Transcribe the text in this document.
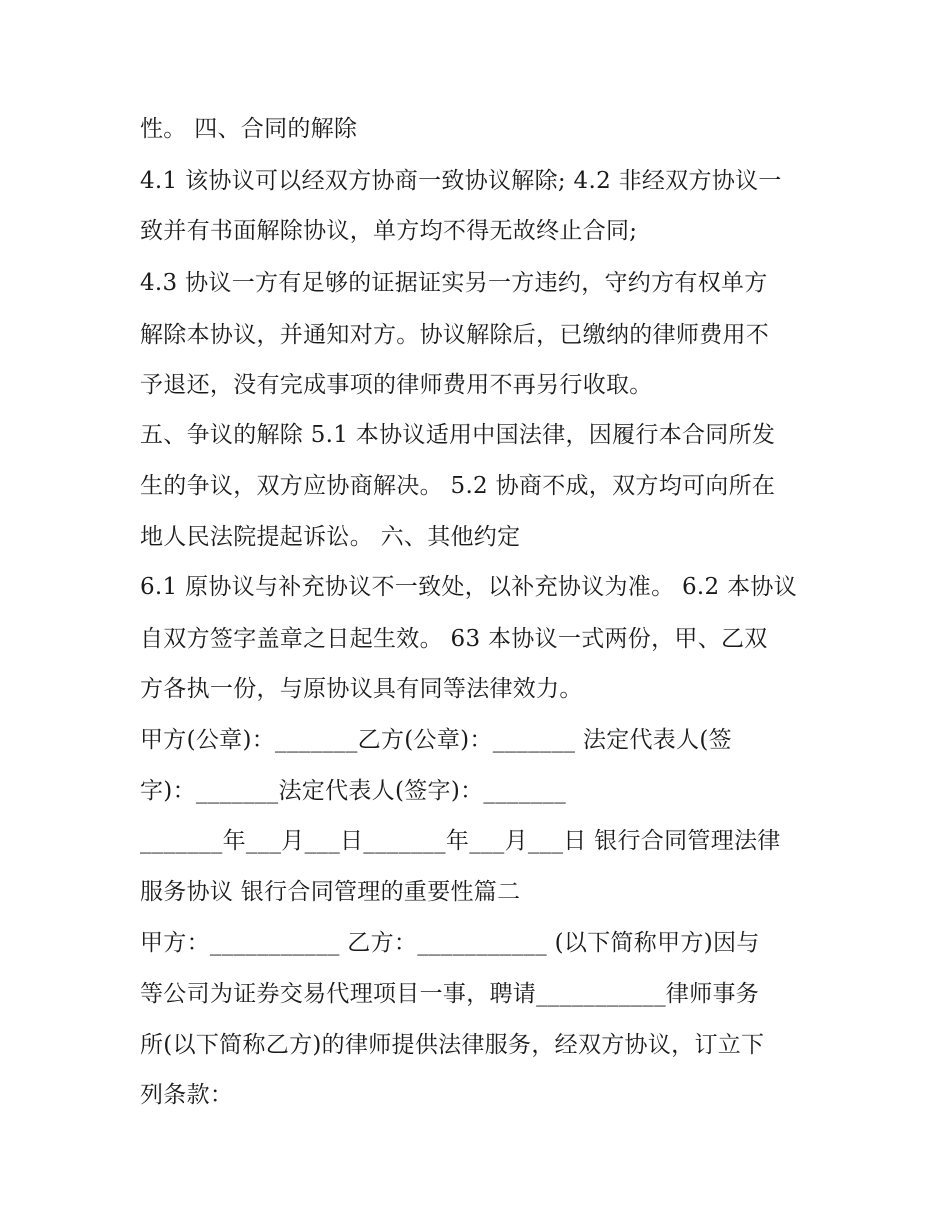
性。 四、合同的解除

4.1 该协议可以经双方协商一致协议解除; 4.2 非经双方协议一

致并有书面解除协议，单方均不得无故终止合同;

4.3 协议一方有足够的证据证实另一方违约，守约方有权单方

解除本协议，并通知对方。协议解除后，已缴纳的律师费用不

予退还，没有完成事项的律师费用不再另行收取。

五、争议的解除 5.1 本协议适用中国法律，因履行本合同所发

生的争议，双方应协商解决。 5.2 协商不成，双方均可向所在

地人民法院提起诉讼。 六、其他约定

6.1 原协议与补充协议不一致处，以补充协议为准。 6.2 本协议

自双方签字盖章之日起生效。 63 本协议一式两份，甲、乙双

方各执一份，与原协议具有同等法律效力。

甲方(公章)：_______乙方(公章)：_______ 法定代表人(签

字)：_______法定代表人(签字)：_______

_______年___月___日_______年___月___日 银行合同管理法律

服务协议 银行合同管理的重要性篇二

甲方：___________ 乙方：___________ (以下简称甲方)因与

等公司为证券交易代理项目一事，聘请___________律师事务

所(以下简称乙方)的律师提供法律服务，经双方协议，订立下

列条款：
